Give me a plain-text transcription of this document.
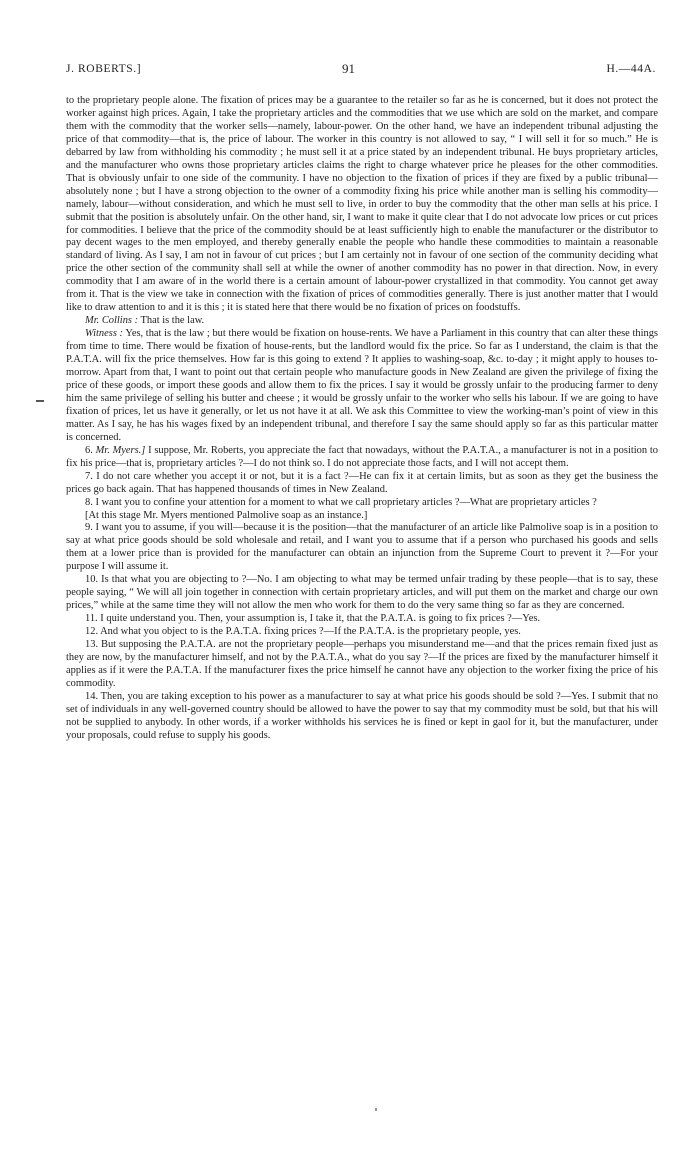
J. ROBERTS.]	91	H.—44A.

to the proprietary people alone. The fixation of prices may be a guarantee to the retailer so far as he is concerned, but it does not protect the worker against high prices. Again, I take the proprietary articles and the commodities that we use which are sold on the market, and compare them with the commodity that the worker sells—namely, labour-power. On the other hand, we have an independent tribunal adjusting the price of that commodity—that is, the price of labour. The worker in this country is not allowed to say, “ I will sell it for so much.” He is debarred by law from withholding his commodity ; he must sell it at a price stated by an independent tribunal. He buys proprietary articles, and the manufacturer who owns those proprietary articles claims the right to charge whatever price he pleases for the other commodities. That is obviously unfair to one side of the community. I have no objection to the fixation of prices if they are fixed by a public tribunal—absolutely none ; but I have a strong objection to the owner of a commodity fixing his price while another man is selling his commodity—namely, labour—without consideration, and which he must sell to live, in order to buy the commodity that the other man sells at his price. I submit that the position is absolutely unfair. On the other hand, sir, I want to make it quite clear that I do not advocate low prices or cut prices for commodities. I believe that the price of the commodity should be at least sufficiently high to enable the manufacturer or the distributor to pay decent wages to the men employed, and thereby generally enable the people who handle these commodities to maintain a reasonable standard of living. As I say, I am not in favour of cut prices ; but I am certainly not in favour of one section of the community deciding what price the other section of the community shall sell at while the owner of another commodity has no power in that direction. Now, in every commodity that I am aware of in the world there is a certain amount of labour-power crystallized in that commodity. You cannot get away from it. That is the view we take in connection with the fixation of prices of commodities generally. There is just another matter that I would like to draw attention to and it is this ; it is stated here that there would be no fixation of prices on foodstuffs.

Mr. Collins : That is the law.

Witness : Yes, that is the law ; but there would be fixation on house-rents. We have a Parliament in this country that can alter these things from time to time. There would be fixation of house-rents, but the landlord would fix the price. So far as I understand, the claim is that the P.A.T.A. will fix the price themselves. How far is this going to extend ? It applies to washing-soap, &c. to-day ; it might apply to houses to-morrow. Apart from that, I want to point out that certain people who manufacture goods in New Zealand are given the privilege of fixing the price of these goods, or import these goods and allow them to fix the prices. I say it would be grossly unfair to the producing farmer to deny him the same privilege of selling his butter and cheese ; it would be grossly unfair to the worker who sells his labour. If we are going to have fixation of prices, let us have it generally, or let us not have it at all. We ask this Committee to view the working-man’s point of view in this matter. As I say, he has his wages fixed by an independent tribunal, and therefore I say the same should apply so far as this particular matter is concerned.

6. Mr. Myers.] I suppose, Mr. Roberts, you appreciate the fact that nowadays, without the P.A.T.A., a manufacturer is not in a position to fix his price—that is, proprietary articles ?—I do not think so. I do not appreciate those facts, and I will not accept them.

7. I do not care whether you accept it or not, but it is a fact ?—He can fix it at certain limits, but as soon as they get the business the prices go back again. That has happened thousands of times in New Zealand.

8. I want you to confine your attention for a moment to what we call proprietary articles ?—What are proprietary articles ?

[At this stage Mr. Myers mentioned Palmolive soap as an instance.]

9. I want you to assume, if you will—because it is the position—that the manufacturer of an article like Palmolive soap is in a position to say at what price goods should be sold wholesale and retail, and I want you to assume that if a person who purchased his goods and sells them at a lower price than is provided for the manufacturer can obtain an injunction from the Supreme Court to prevent it ?—For your purpose I will assume it.

10. Is that what you are objecting to ?—No. I am objecting to what may be termed unfair trading by these people—that is to say, these people saying, “ We will all join together in connection with certain proprietary articles, and will put them on the market and charge our own prices,” while at the same time they will not allow the men who work for them to do the very same thing so far as they are concerned.

11. I quite understand you. Then, your assumption is, I take it, that the P.A.T.A. is going to fix prices ?—Yes.

12. And what you object to is the P.A.T.A. fixing prices ?—If the P.A.T.A. is the proprietary people, yes.

13. But supposing the P.A.T.A. are not the proprietary people—perhaps you misunderstand me—and that the prices remain fixed just as they are now, by the manufacturer himself, and not by the P.A.T.A., what do you say ?—If the prices are fixed by the manufacturer himself it applies as if it were the P.A.T.A. If the manufacturer fixes the price himself he cannot have any objection to the worker fixing the price of his commodity.

14. Then, you are taking exception to his power as a manufacturer to say at what price his goods should be sold ?—Yes. I submit that no set of individuals in any well-governed country should be allowed to have the power to say that my commodity must be sold, but that his will not be supplied to anybody. In other words, if a worker withholds his services he is fined or kept in gaol for it, but the manufacturer, under your proposals, could refuse to supply his goods.
